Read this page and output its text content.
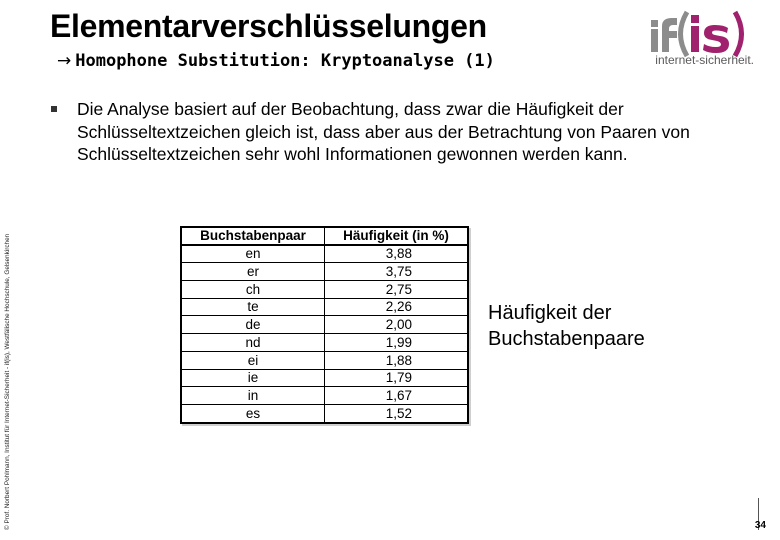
Elementarverschlüsselungen
→ Homophone Substitution: Kryptoanalyse (1)	internet-sicherheit.
© Prof. Norbert Pohlmann, Institut für Internet-Sicherheit - if(is), Westfälische Hochschule, Gelsenkirchen

Die Analyse basiert auf der Beobachtung, dass zwar die Häufigkeit der Schlüsseltextzeichen gleich ist, dass aber aus der Betrachtung von Paaren von Schlüsseltextzeichen sehr wohl Informationen gewonnen werden kann.

Buchstabenpaar	Häufigkeit (in %)
en	3,88
er	3,75
ch	2,75
te	2,26
de	2,00
nd	1,99
ei	1,88
ie	1,79
in	1,67
es	1,52

Häufigkeit der Buchstabenpaare

34
